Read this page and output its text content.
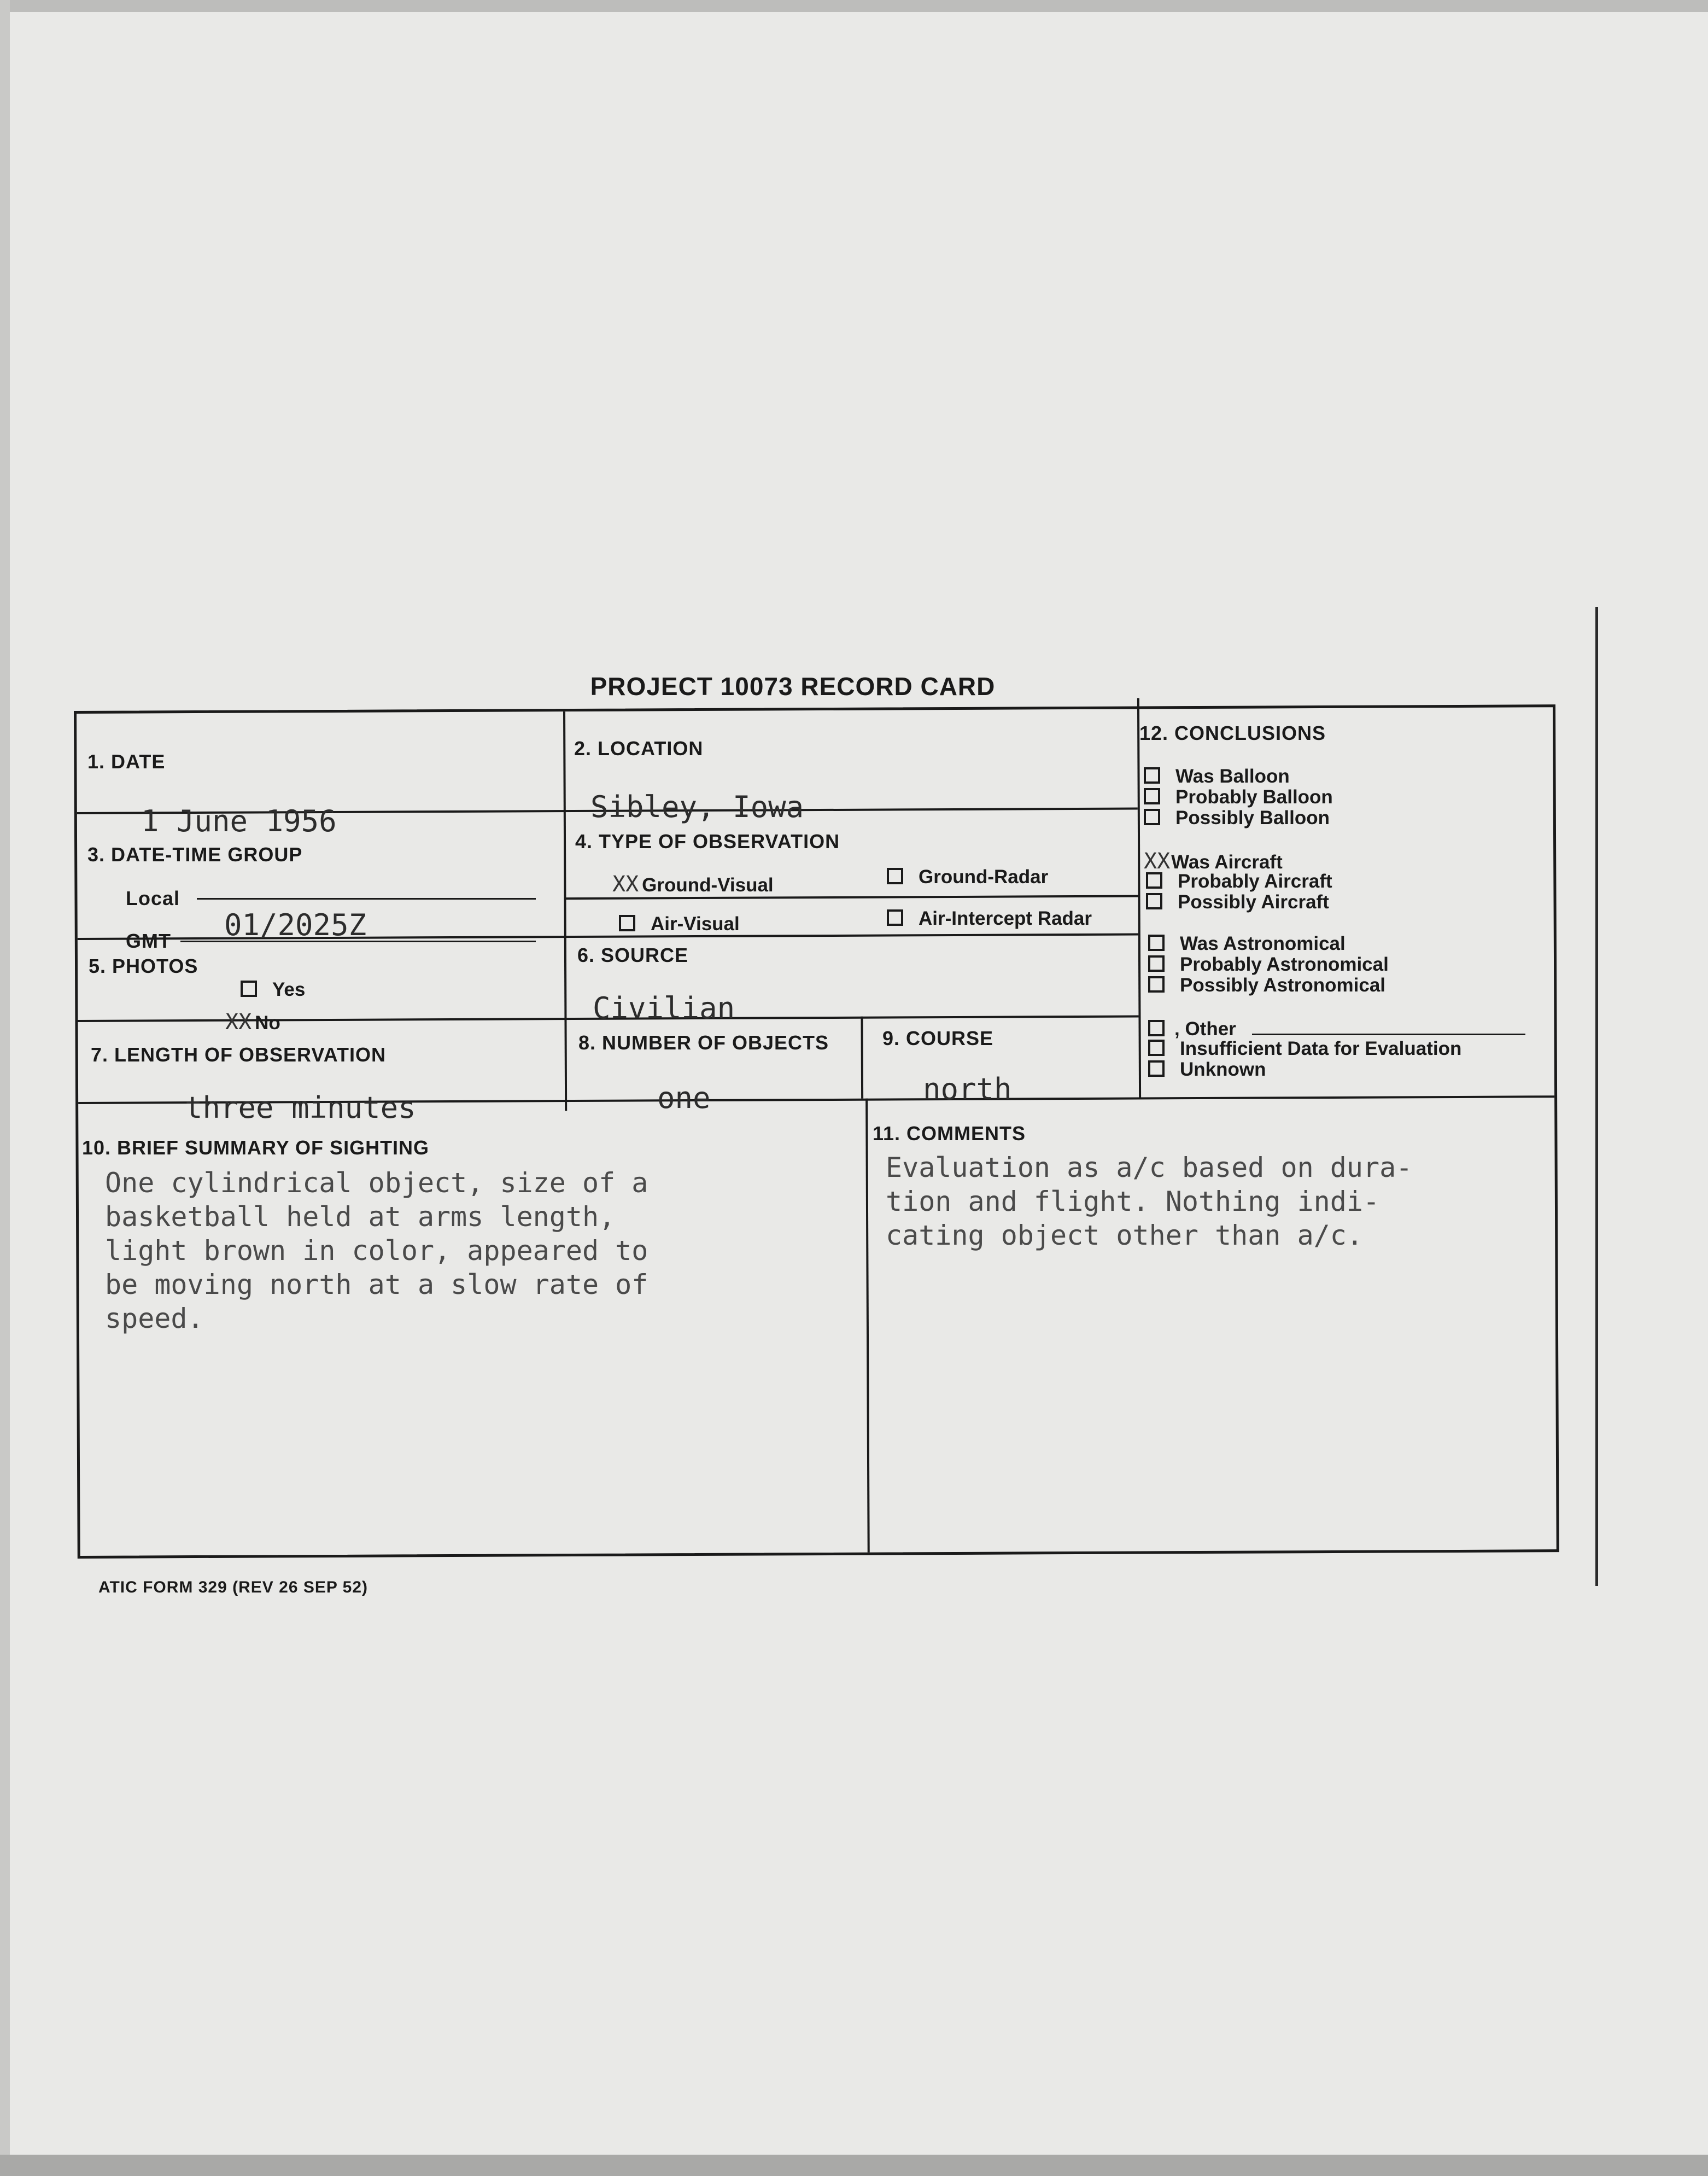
PROJECT 10073 RECORD CARD
1. DATE
1 June 1956
2. LOCATION
Sibley, Iowa
3. DATE-TIME GROUP
Local
GMT 01/2025Z
4. TYPE OF OBSERVATION
XX Ground-Visual	Ground-Radar
Air-Visual	Air-Intercept Radar
5. PHOTOS
Yes
XX No
6. SOURCE
Civilian
7. LENGTH OF OBSERVATION
three minutes
8. NUMBER OF OBJECTS
one
9. COURSE
north
10. BRIEF SUMMARY OF SIGHTING
One cylindrical object, size of a
basketball held at arms length,
light brown in color, appeared to
be moving north at a slow rate of
speed.
11. COMMENTS
Evaluation as a/c based on dura-
tion and flight. Nothing indi-
cating object other than a/c.
12. CONCLUSIONS
Was Balloon
Probably Balloon
Possibly Balloon
XXWas Aircraft
Probably Aircraft
Possibly Aircraft
Was Astronomical
Probably Astronomical
Possibly Astronomical
, Other
Insufficient Data for Evaluation
Unknown
ATIC FORM 329 (REV 26 SEP 52)
